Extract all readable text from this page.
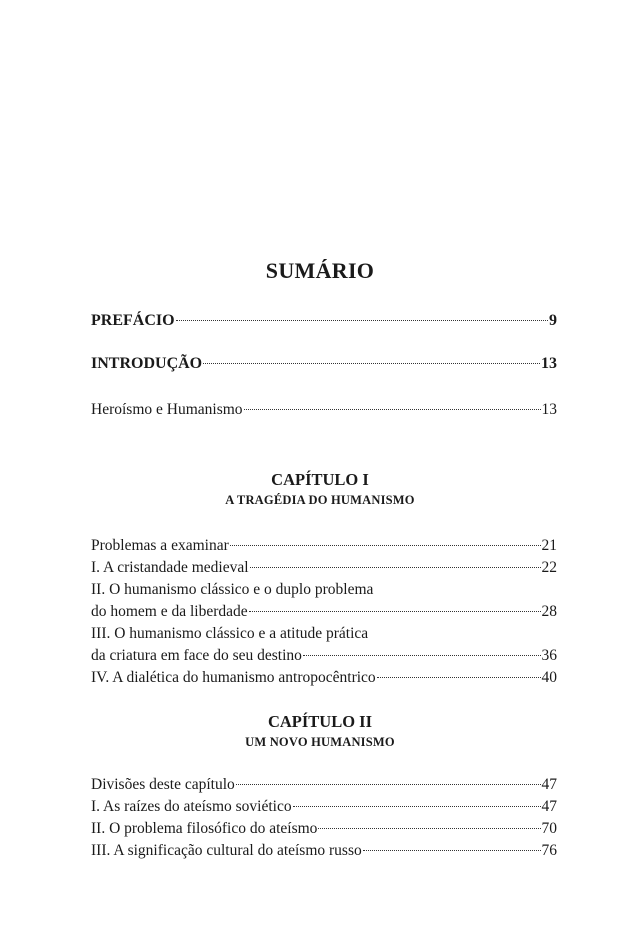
SUMÁRIO
PREFÁCIO	9
INTRODUÇÃO	13
Heroísmo e Humanismo	13
CAPÍTULO I
A TRAGÉDIA DO HUMANISMO
Problemas a examinar	21
I. A cristandade medieval	22
II. O humanismo clássico e o duplo problema
do homem e da liberdade	28
III. O humanismo clássico e a atitude prática
da criatura em face do seu destino	36
IV. A dialética do humanismo antropocêntrico	40
CAPÍTULO II
UM NOVO HUMANISMO
Divisões deste capítulo	47
I. As raízes do ateísmo soviético	47
II. O problema filosófico do ateísmo	70
III. A significação cultural do ateísmo russo	76
